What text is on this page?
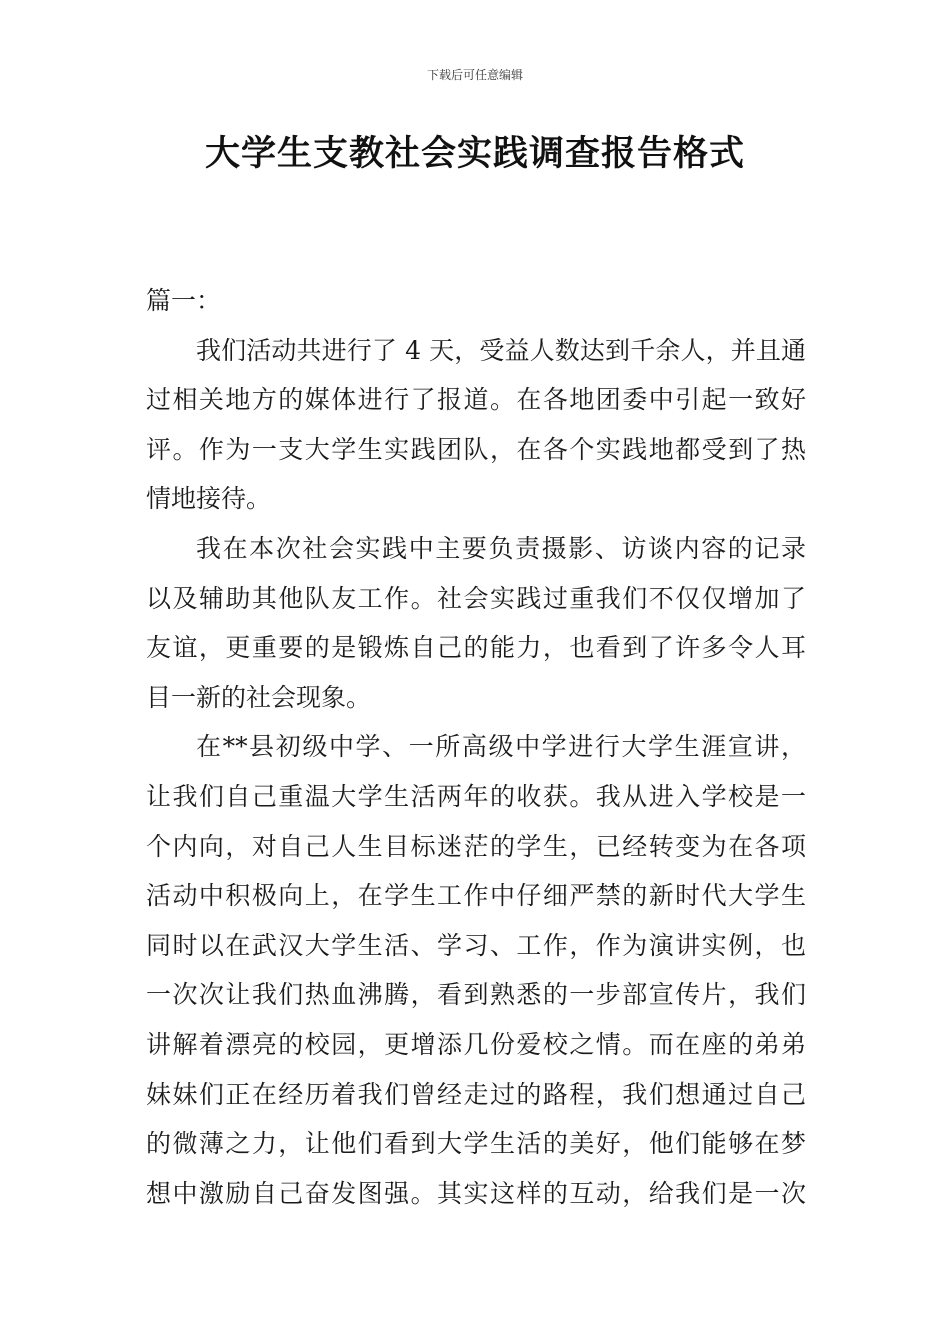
下载后可任意编辑
大学生支教社会实践调查报告格式
篇一：
我们活动共进行了 4 天，受益人数达到千余人，并且通
过相关地方的媒体进行了报道。在各地团委中引起一致好
评。作为一支大学生实践团队，在各个实践地都受到了热
情地接待。
我在本次社会实践中主要负责摄影、访谈内容的记录
以及辅助其他队友工作。社会实践过重我们不仅仅增加了
友谊，更重要的是锻炼自己的能力，也看到了许多令人耳
目一新的社会现象。
在**县初级中学、一所高级中学进行大学生涯宣讲，
让我们自己重温大学生活两年的收获。我从进入学校是一
个内向，对自己人生目标迷茫的学生，已经转变为在各项
活动中积极向上，在学生工作中仔细严禁的新时代大学生
同时以在武汉大学生活、学习、工作，作为演讲实例，也
一次次让我们热血沸腾，看到熟悉的一步部宣传片，我们
讲解着漂亮的校园，更增添几份爱校之情。而在座的弟弟
妹妹们正在经历着我们曾经走过的路程，我们想通过自己
的微薄之力，让他们看到大学生活的美好，他们能够在梦
想中激励自己奋发图强。其实这样的互动，给我们是一次
